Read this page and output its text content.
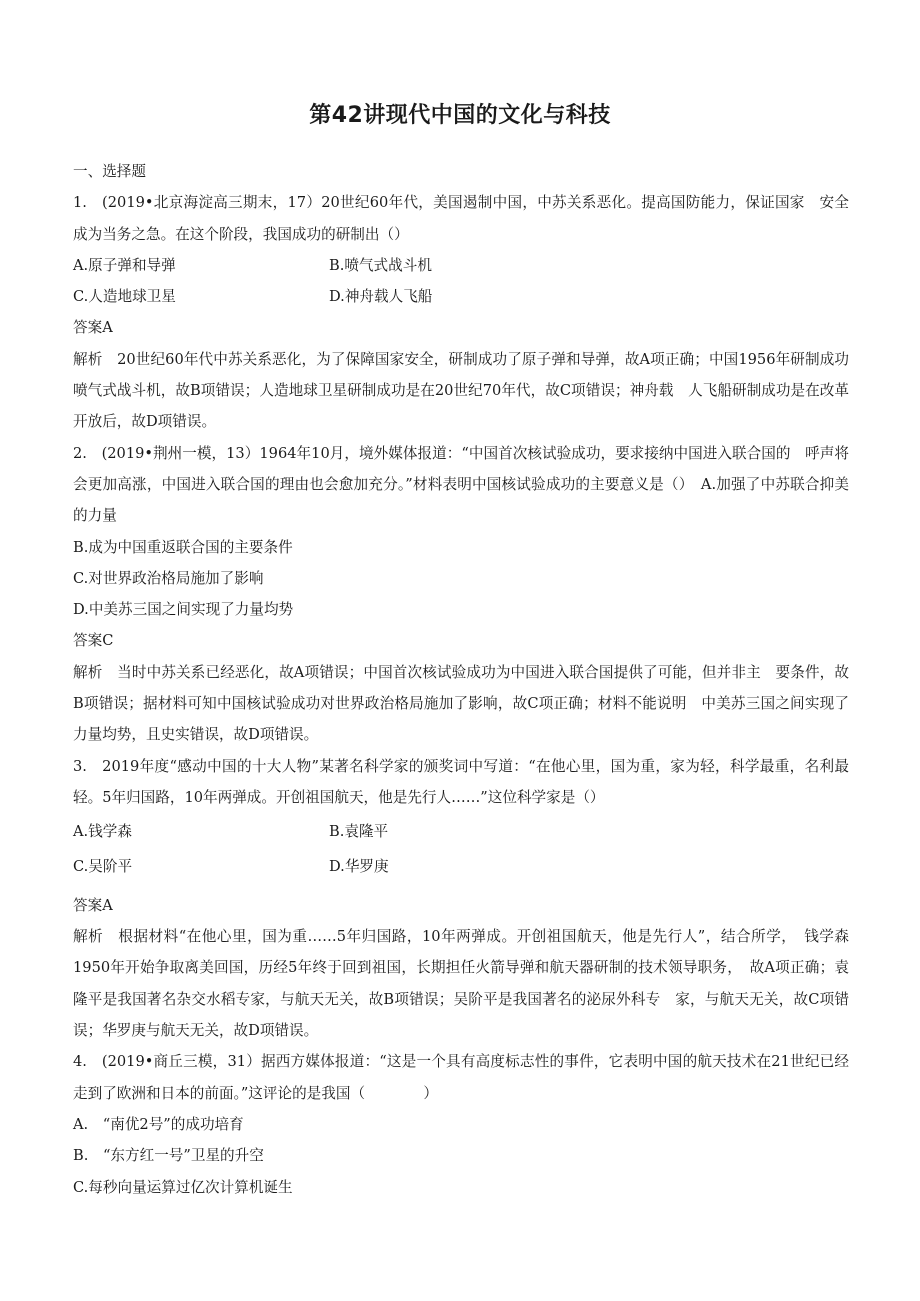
第42讲现代中国的文化与科技

一、选择题

1.　(2019•北京海淀高三期末，17）20世纪60年代，美国遏制中国，中苏关系恶化。提高国防能力，保证国家　安全成为当务之急。在这个阶段，我国成功的研制出（）

A.原子弹和导弹	B.喷气式战斗机
C.人造地球卫星	D.神舟载人飞船

答案A

解析　20世纪60年代中苏关系恶化，为了保障国家安全，研制成功了原子弹和导弹，故A项正确；中国1956年研制成功喷气式战斗机，故B项错误；人造地球卫星研制成功是在20世纪70年代，故C项错误；神舟载　人飞船研制成功是在改革开放后，故D项错误。

2.　(2019•荆州一模，13）1964年10月，境外媒体报道：“中国首次核试验成功，要求接纳中国进入联合国的　呼声将会更加高涨，中国进入联合国的理由也会愈加充分。”材料表明中国核试验成功的主要意义是（）　A.加强了中苏联合抑美的力量

B.成为中国重返联合国的主要条件

C.对世界政治格局施加了影响

D.中美苏三国之间实现了力量均势

答案C

解析　当时中苏关系已经恶化，故A项错误；中国首次核试验成功为中国进入联合国提供了可能，但并非主　要条件，故B项错误；据材料可知中国核试验成功对世界政治格局施加了影响，故C项正确；材料不能说明　中美苏三国之间实现了力量均势，且史实错误，故D项错误。

3.　2019年度“感动中国的十大人物”某著名科学家的颁奖词中写道：“在他心里，国为重，家为轻，科学最重，名利最轻。5年归国路，10年两弹成。开创祖国航天，他是先行人……”这位科学家是（）

A.钱学森	B.袁隆平
C.吴阶平	D.华罗庚

答案A

解析　根据材料“在他心里，国为重……5年归国路，10年两弹成。开创祖国航天，他是先行人”，结合所学，　钱学森1950年开始争取离美回国，历经5年终于回到祖国，长期担任火箭导弹和航天器研制的技术领导职务，　故A项正确；袁隆平是我国著名杂交水稻专家，与航天无关，故B项错误；吴阶平是我国著名的泌尿外科专　家，与航天无关，故C项错误；华罗庚与航天无关，故D项错误。

4.　(2019•商丘三模，31）据西方媒体报道：“这是一个具有高度标志性的事件，它表明中国的航天技术在21世纪已经走到了欧洲和日本的前面。”这评论的是我国（　　　　）

A.　“南优2号”的成功培育

B.　“东方红一号”卫星的升空

C.每秒向量运算过亿次计算机诞生
